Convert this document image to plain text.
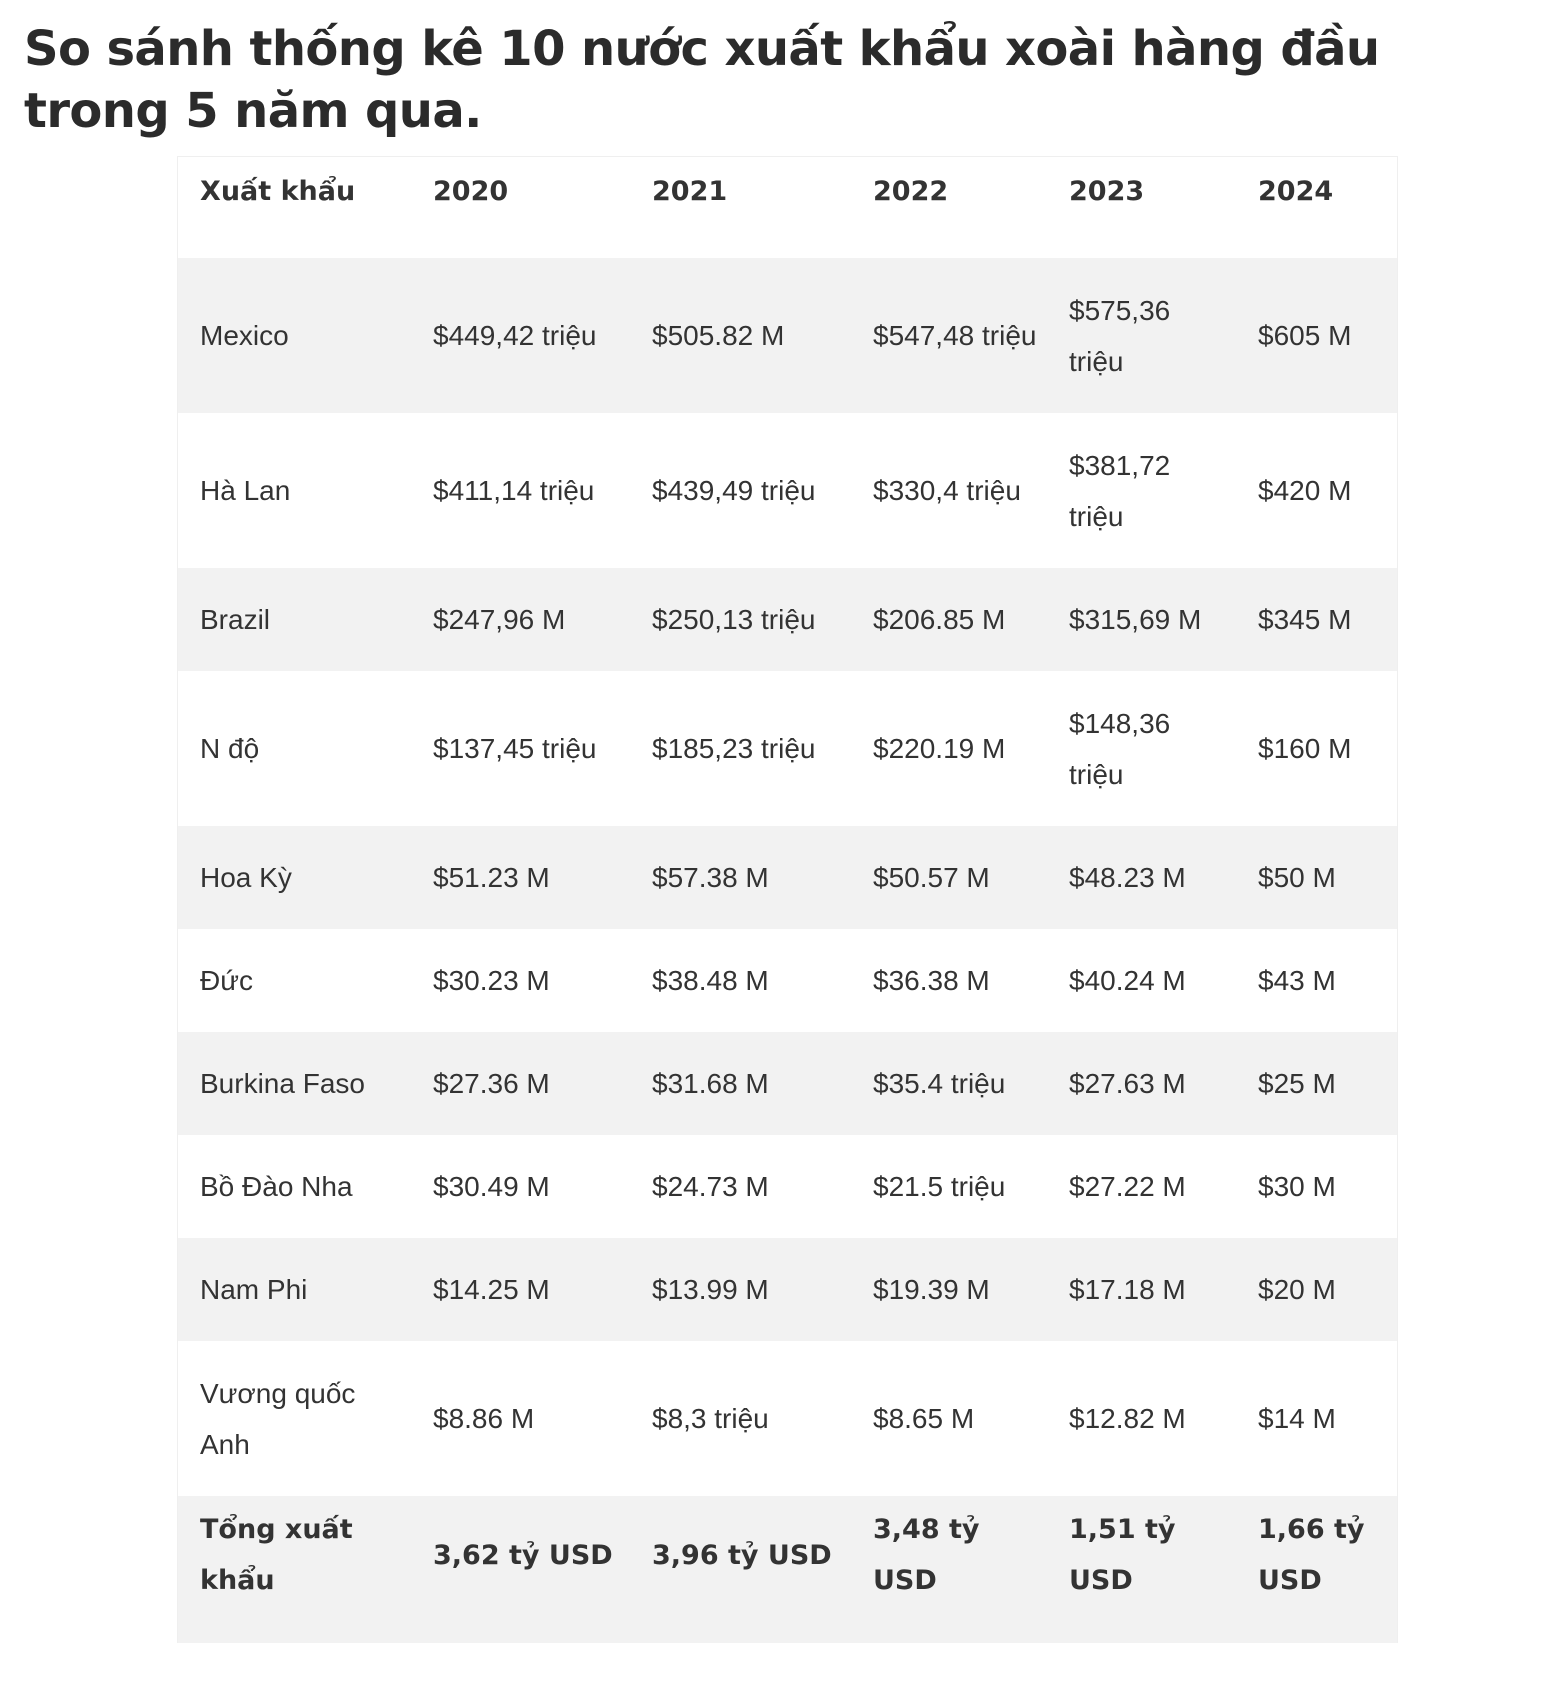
So sánh thống kê 10 nước xuất khẩu xoài hàng đầu trong 5 năm qua.
Xuất khẩu	2020	2021	2022	2023	2024
Mexico	$449,42 triệu	$505.82 M	$547,48 triệu	$575,36 triệu	$605 M
Hà Lan	$411,14 triệu	$439,49 triệu	$330,4 triệu	$381,72 triệu	$420 M
Brazil	$247,96 M	$250,13 triệu	$206.85 M	$315,69 M	$345 M
N độ	$137,45 triệu	$185,23 triệu	$220.19 M	$148,36 triệu	$160 M
Hoa Kỳ	$51.23 M	$57.38 M	$50.57 M	$48.23 M	$50 M
Đức	$30.23 M	$38.48 M	$36.38 M	$40.24 M	$43 M
Burkina Faso	$27.36 M	$31.68 M	$35.4 triệu	$27.63 M	$25 M
Bồ Đào Nha	$30.49 M	$24.73 M	$21.5 triệu	$27.22 M	$30 M
Nam Phi	$14.25 M	$13.99 M	$19.39 M	$17.18 M	$20 M
Vương quốc Anh	$8.86 M	$8,3 triệu	$8.65 M	$12.82 M	$14 M
Tổng xuất khẩu	3,62 tỷ USD	3,96 tỷ USD	3,48 tỷ USD	1,51 tỷ USD	1,66 tỷ USD
